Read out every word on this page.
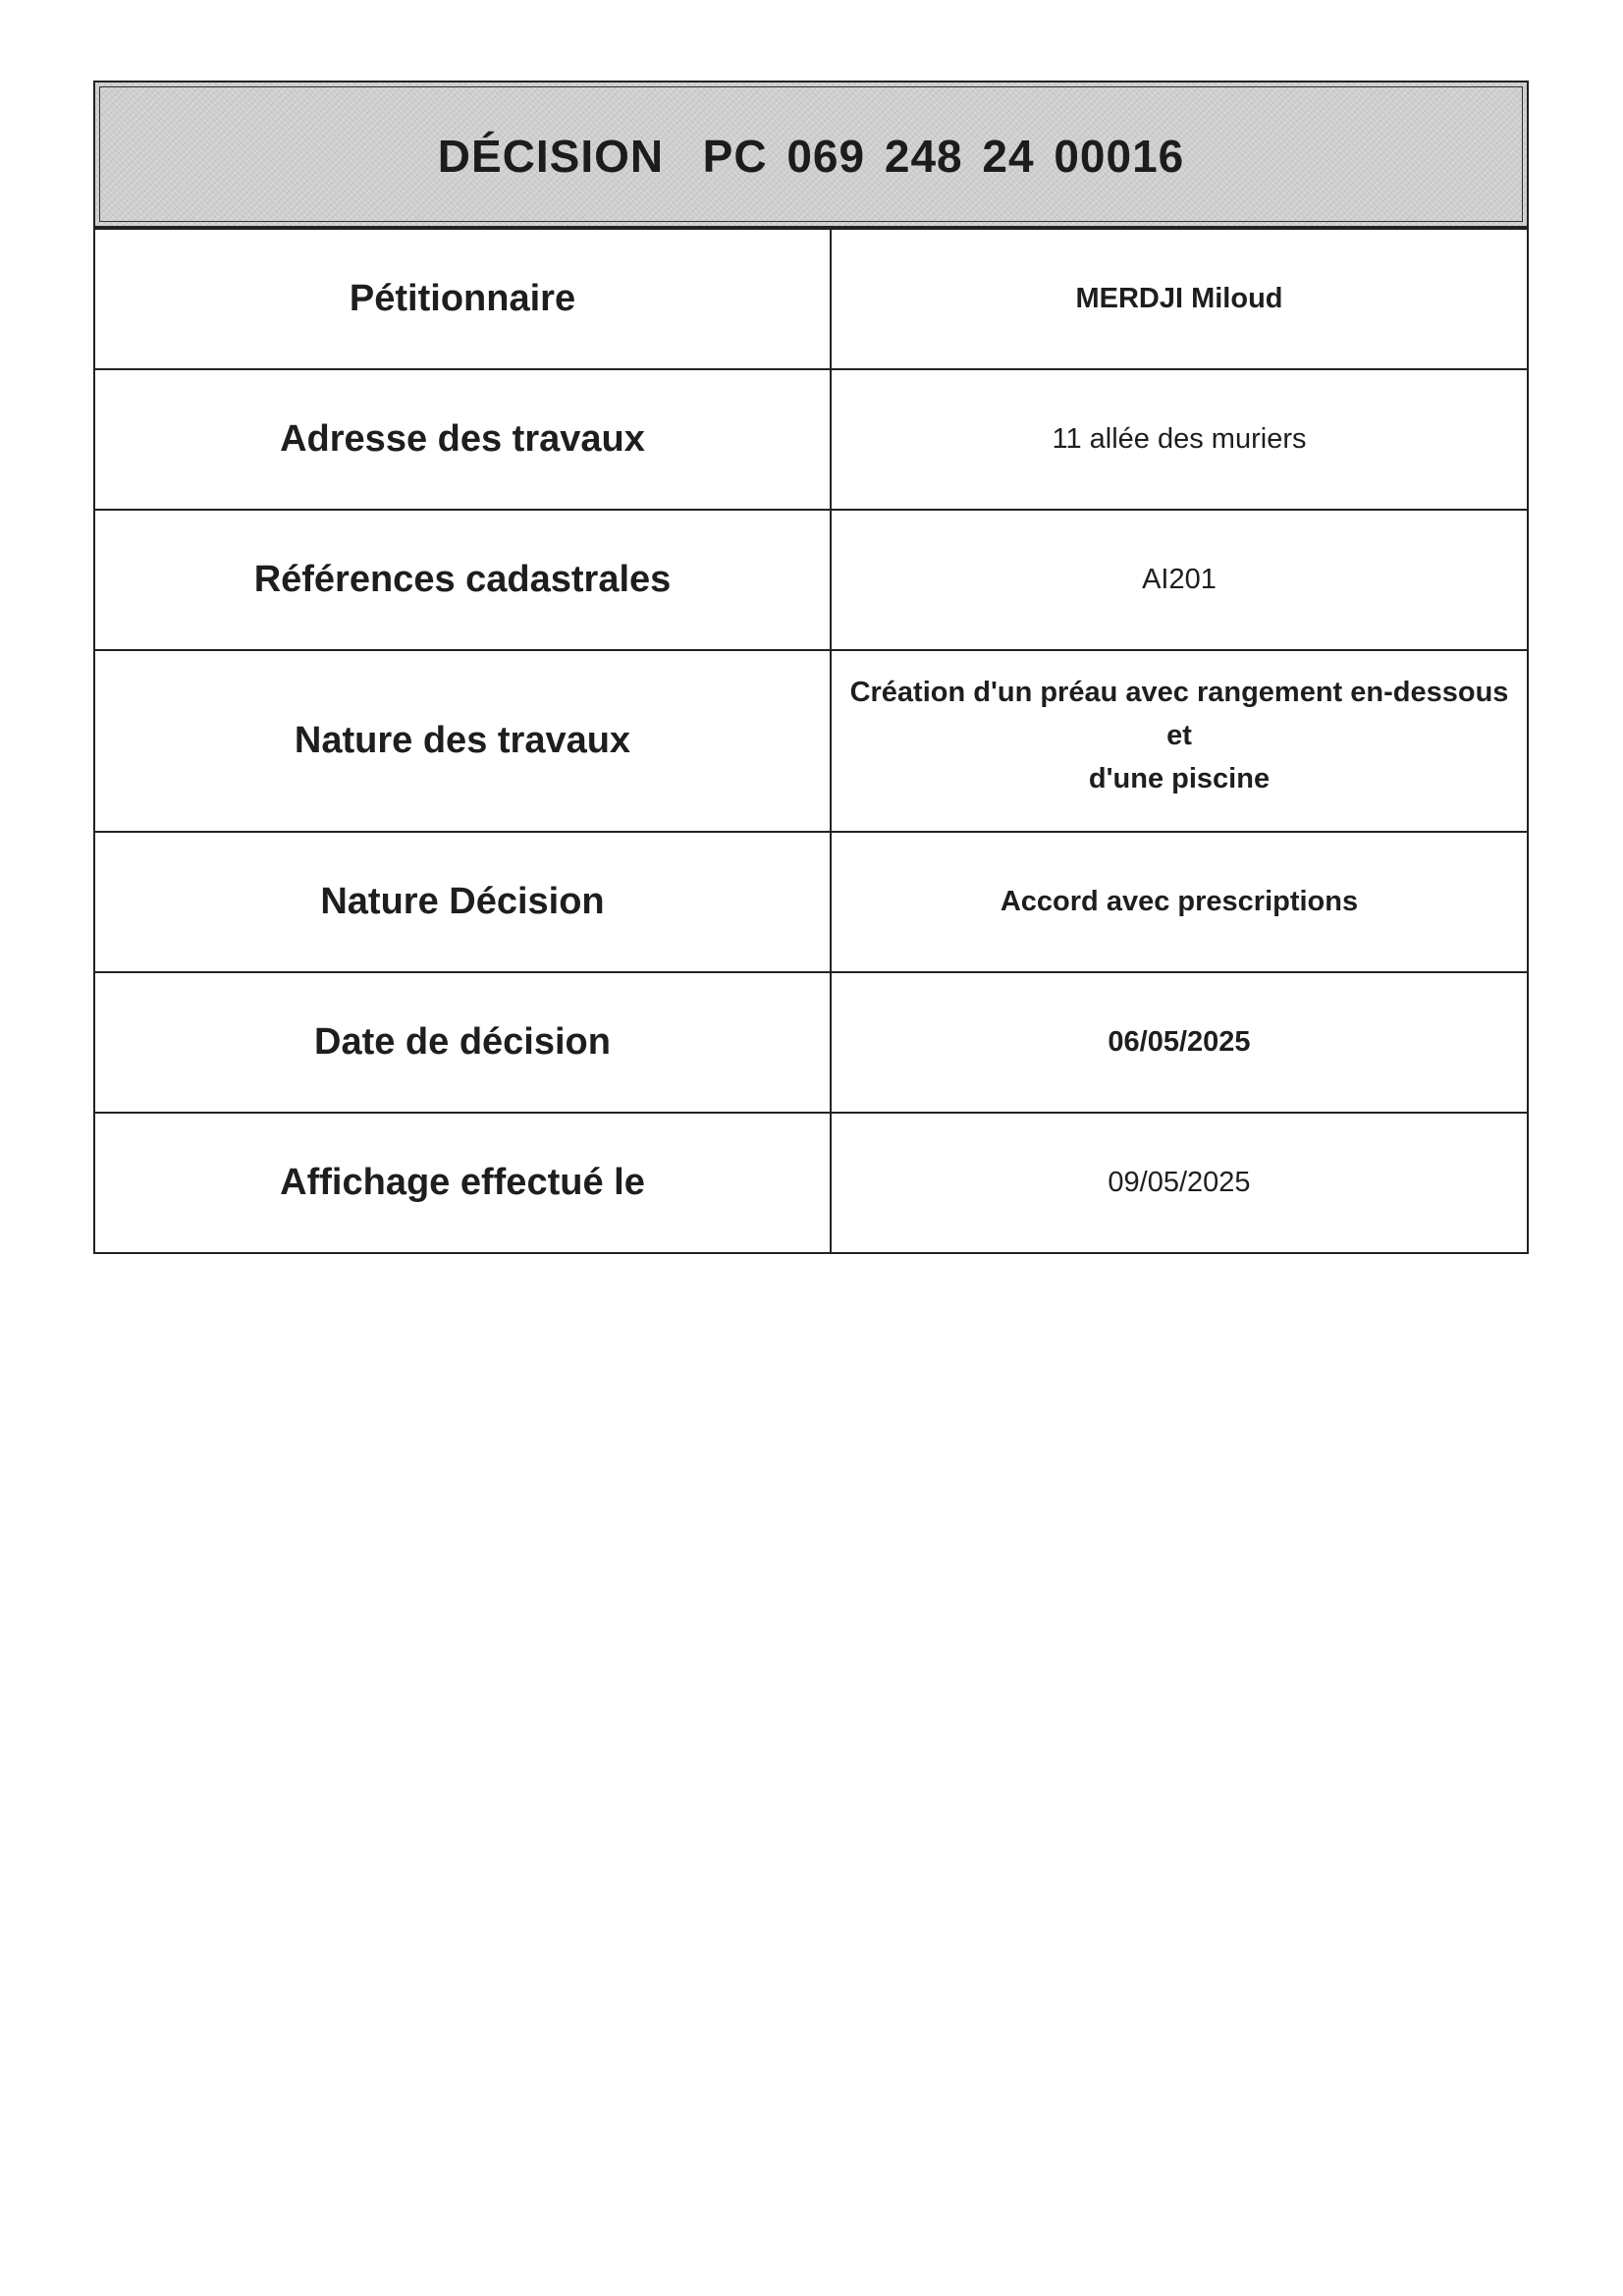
DÉCISION  PC 069 248 24 00016
Pétitionnaire	MERDJI Miloud
Adresse des travaux	11 allée des muriers
Références cadastrales	AI201
Nature des travaux	Création d'un préau avec rangement en-dessous et
d'une piscine
Nature Décision	Accord avec prescriptions
Date de décision	06/05/2025
Affichage effectué le	09/05/2025
